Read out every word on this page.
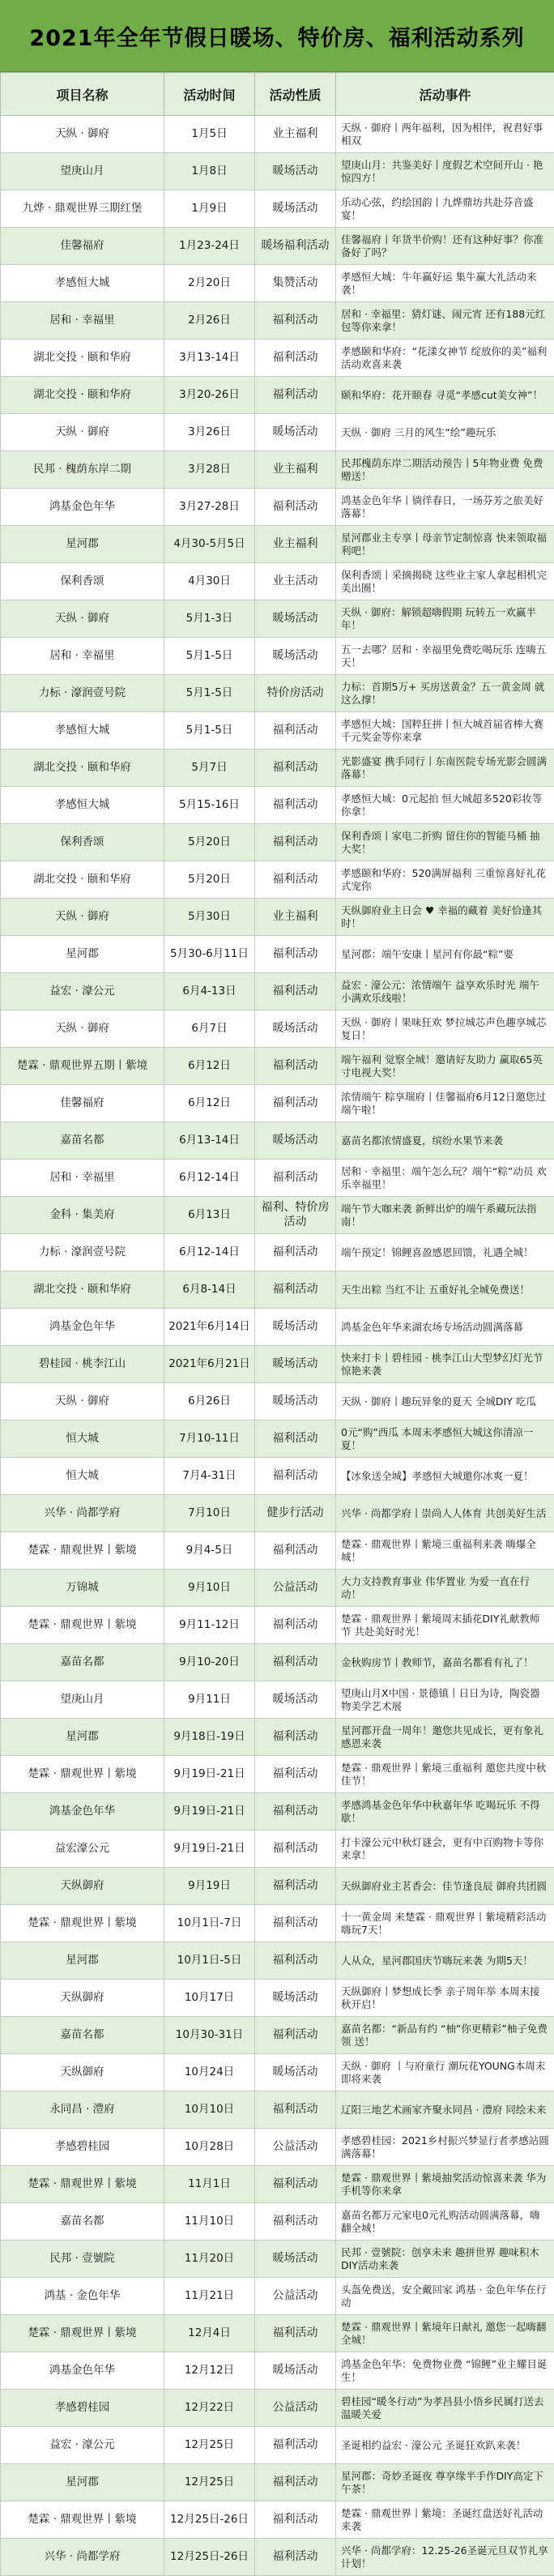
2021年全年节假日暖场、特价房、福利活动系列
项目名称	活动时间	活动性质	活动事件
天纵 · 御府	1月5日	业主福利	天纵 · 御府丨两年福利，因为相伴，祝君好事相双
望庚山月	1月8日	暖场活动	望庚山月：共鉴美好丨度假艺术空间开山 · 艳惊四方！
九烨 · 鼎观世界三期红堡	1月9日	暖场活动	乐动心弦，约绘国韵丨九烨鼎坊共赴芬音盛宴！
佳馨福府	1月23-24日	暖场福利活动	佳馨福府丨年货半价购！还有这种好事？你准备好了吗？
孝感恒大城	2月20日	集赞活动	孝感恒大城：牛年赢好运 集牛赢大礼活动来袭！
居和 · 幸福里	2月26日	福利活动	居和 · 幸福里：猜灯谜、闹元宵 还有188元红包等你来拿！
湖北交投 · 颐和华府	3月13-14日	福利活动	孝感颐和华府：“花漾女神节 绽放你的美”福利活动欢喜来袭
湖北交投 · 颐和华府	3月20-26日	福利活动	颐和华府：花开颐春 寻觅“孝感cut美女神”！
天纵 · 御府	3月26日	暖场活动	天纵 · 御府 三月的风生“绘”趣玩乐
民邦 · 槐荫东岸二期	3月28日	业主福利	民邦槐荫东岸二期活动预告丨5年物业费 免费赠送！
鸿基金色年华	3月27-28日	福利活动	鸿基金色年华丨徜徉春日，一场芬芳之旅美好落幕！
星河郡	4月30-5月5日	业主福利	星河郡业主专享丨母亲节定制惊喜 快来领取福利吧！
保利香颂	4月30日	业主活动	保利香颂丨采摘揭晓 这些业主家人拿起相机完美出圈！
天纵 · 御府	5月1-3日	暖场活动	天纵 · 御府：解锁超嗨假期 玩转五一欢赢半年！
居和 · 幸福里	5月1-5日	暖场活动	五一去哪？居和 · 幸福里免费吃喝玩乐 连嗨五天！
力标 · 濠润壹号院	5月1-5日	特价房活动	力标：首期5万+ 买房送黄金？五一黄金周 就这么撑！
孝感恒大城	5月1-5日	福利活动	孝感恒大城：国粹狂拼丨恒大城首届省棒大赛 千元奖金等你来拿
湖北交投 · 颐和华府	5月7日	福利活动	光影盛宴 携手同行丨东南医院专场光影会圆满落幕！
孝感恒大城	5月15-16日	福利活动	孝感恒大城：0元起拍 恒大城超多520彩妆等你拿！
保利香颂	5月20日	福利活动	保利香颂丨家电二折购 留住你的智能马桶 抽大奖！
湖北交投 · 颐和华府	5月20日	福利活动	孝感颐和华府：520满屏福利 三重惊喜好礼花式宠你
天纵 · 御府	5月30日	业主福利	天纵御府业主日会 ♥ 幸福的藏着 美好恰逢其时！
星河郡	5月30-6月11日	福利活动	星河郡：端午安康丨星河有你最“粽”要
益宏 · 濠公元	6月4-13日	福利活动	益宏 · 濠公元：浓情端午 益享欢乐时光 端午小满欢乐线啦！
天纵 · 御府	6月7日	暖场活动	天纵 · 御府丨果味狂欢 梦拉城芯声色趣享城芯复日！
楚霖 · 鼎观世界五期丨紫境	6月12日	福利活动	端午福利 觉察全城！邀请好友助力 赢取65英寸电视大奖！
佳馨福府	6月12日	福利活动	浓情端午 粽享瑞府丨佳馨福府6月12日邀您过端午啦！
嘉苗名都	6月13-14日	暖场活动	嘉苗名都浓情盛夏，缤纷水果节来袭
居和 · 幸福里	6月12-14日	福利活动	居和 · 幸福里：端午怎么玩？端午“粽”动员 欢乐幸福里！
金科 · 集美府	6月13日	福利、特价房活动	端午节大咖来袭 新鲜出炉的端午系藏玩法指南！
力标 · 濠润壹号院	6月12-14日	福利活动	端午预定！锦鲤喜盈感恩回馈，礼遇全城！
湖北交投 · 颐和华府	6月8-14日	福利活动	天生出粽 当红不让 五重好礼全城免费送！
鸿基金色年华	2021年6月14日	暖场活动	鸿基金色年华来湖农场专场活动圆满落幕
碧桂园 · 桃李江山	2021年6月21日	暖场活动	快来打卡丨碧桂园 · 桃李江山大型梦幻灯光节惊艳来袭
天纵 · 御府	6月26日	暖场活动	天纵 · 御府丨趣玩异象的夏天 全城DIY 吃瓜
恒大城	7月10-11日	福利活动	0元“购”西瓜 本周末孝感恒大城这你清凉一夏！
恒大城	7月4-31日	福利活动	【冰象送全城】孝感恒大城邀你冰爽一夏！
兴华 · 尚都学府	7月10日	健步行活动	兴华 · 尚都学府丨崇尚人人体育 共创美好生活
楚霖 · 鼎观世界丨紫境	9月4-5日	福利活动	楚霖 · 鼎观世界丨紫境三重福利来袭 嗨爆全城！
万锦城	9月10日	公益活动	大力支持教育事业 伟华置业 为爱一直在行动！
楚霖 · 鼎观世界丨紫境	9月11-12日	福利活动	楚霖 · 鼎观世界丨紫境周末插花DIY礼献教师节 共赴美好时光！
嘉苗名都	9月10-20日	福利活动	金秋购房节丨教师节，嘉苗名都看有礼了！
望庚山月	9月11日	暖场活动	望庚山月X中国 · 景德镇丨日日为诗，陶瓷器物美学艺术展
星河郡	9月18日-19日	福利活动	星河郡开盘一周年！邀您共见成长，更有象礼感恩来袭
楚霖 · 鼎观世界丨紫境	9月19日-21日	福利活动	楚霖 · 鼎观世界丨紫境三重福利 邀您共度中秋佳节！
鸿基金色年华	9月19日-21日	福利活动	孝感鸿基金色年华中秋嘉年华 吃喝玩乐 不得歇！
益宏濠公元	9月19日-21日	福利活动	打卡濠公元中秋灯谜会，更有中百购物卡等你来拿！
天纵御府	9月19日	福利活动	天纵御府业主茗香会：佳节逢良辰 御府共团圆
楚霖 · 鼎观世界丨紫境	10月1日-7日	福利活动	十一黄金周 来楚霖 · 鼎观世界丨紫境精彩活动嗨玩7天！
星河郡	10月1日-5日	福利活动	人从众，星河郡国庆节嗨玩来袭 为期5天！
天纵御府	10月17日	暖场活动	天纵御府丨梦想成长季 亲子周年举 本周末接秋开启！
嘉苗名都	10月30-31日	福利活动	嘉苗名都：“新品有约 “柚”你更精彩”柚子免费领 送！
天纵御府	10月24日	暖场活动	天纵 · 御府 丨与府童行 潮玩花YOUNG本周末即将来袭
永同昌 · 澧府	10月10日	福利活动	辽阳三地艺术画家齐聚永同昌 · 澧府 同绘未来
孝感碧桂园	10月28日	公益活动	孝感碧桂园：2021乡村振兴梦显行者孝感站圆满落幕！
楚霖 · 鼎观世界丨紫境	11月1日	福利活动	楚霖 · 鼎观世界丨紫境抽奖活动惊喜来袭 华为手机等你来拿
嘉苗名都	11月10日	福利活动	嘉苗名都万元家电0元礼购活动圆满落幕，嗨翻全城！
民邦 · 壹號院	11月20日	暖场活动	民邦 · 壹號院：创享未来 趣拼世界 趣味积木DIY活动来袭
鸿基 · 金色年华	11月21日	公益活动	头盔免费送，安全戴回家 鸿基 · 金色年华在行动
楚霖 · 鼎观世界丨紫境	12月4日	福利活动	楚霖 · 鼎观世界丨紫境年日献礼 邀您一起嗨翻全城！
鸿基金色年华	12月12日	暖场活动	鸿基金色年华：免费物业费 “锦鲤”业主耀目诞生！
孝感碧桂园	12月22日	公益活动	碧桂园“暖冬行动”为孝昌县小悟乡民属打送去温暖关爱
益宏 · 濠公元	12月25日	福利活动	圣诞相约益宏 · 濠公元 圣诞狂欢趴来袭！
星河郡	12月25日	福利活动	星河郡：奇妙圣诞夜 尊享缘半手作DIY高定下午茶！
楚霖 · 鼎观世界丨紫境	12月25日-26日	福利活动	楚霖 · 鼎观世界丨紫境：圣诞红盘送好礼活动来袭
兴华 · 尚都学府	12月25日-26日	福利活动	兴华 · 尚都学府：12.25-26圣诞元旦双节礼享计划！
